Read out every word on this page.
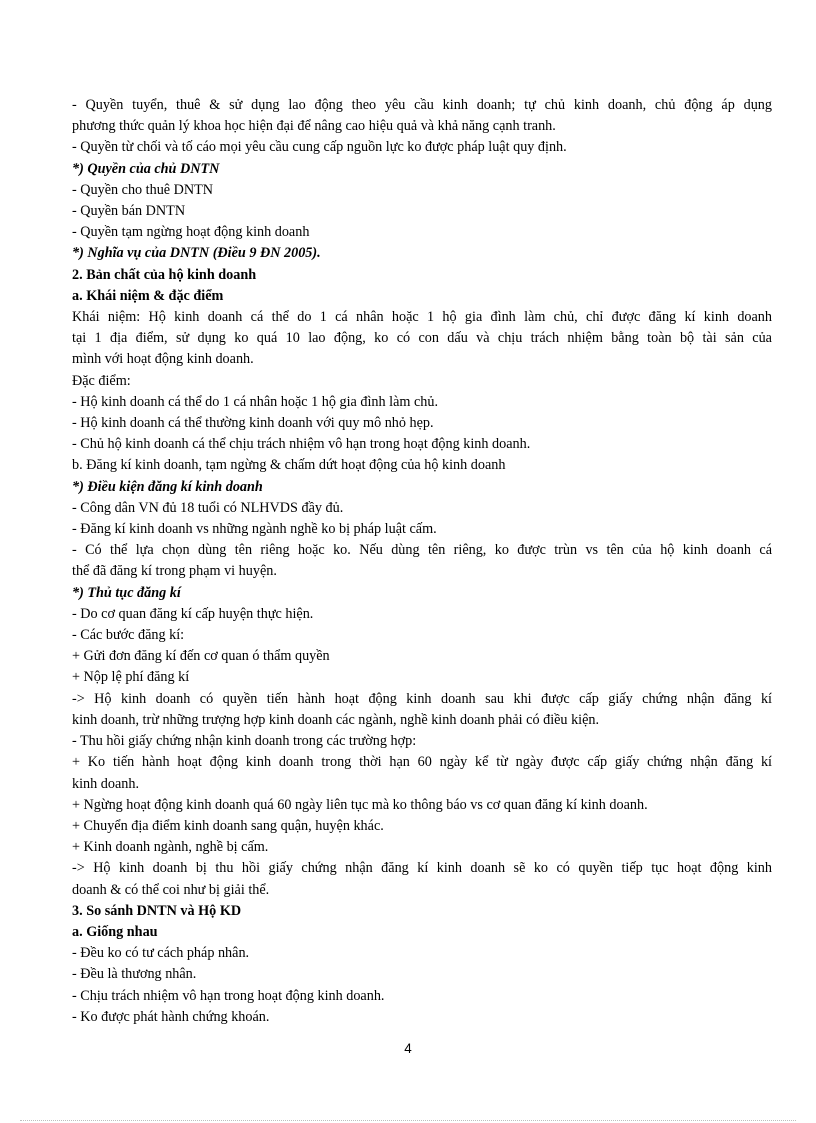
- Quyền tuyển, thuê & sử dụng lao động theo yêu cầu kinh doanh; tự chủ kinh doanh, chủ động áp dụng

phương thức quản lý khoa học hiện đại để nâng cao hiệu quả và khả năng cạnh tranh.

- Quyền từ chối và tố cáo mọi yêu cầu cung cấp nguồn lực ko được pháp luật quy định.

*) Quyền của chủ DNTN

- Quyền cho thuê DNTN

- Quyền bán DNTN

- Quyền tạm ngừng hoạt động kinh doanh

*) Nghĩa vụ của DNTN (Điều 9 ĐN 2005).

2. Bản chất của hộ kinh doanh

a. Khái niệm & đặc điểm

Khái niệm: Hộ kinh doanh cá thể do 1 cá nhân hoặc 1 hộ gia đình làm chủ, chỉ được đăng kí kinh doanh

tại 1 địa điểm, sử dụng ko quá 10 lao động, ko có con dấu và chịu trách nhiệm bằng toàn bộ tài sản của

mình với hoạt động kinh doanh.

Đặc điểm:

- Hộ kinh doanh cá thể do 1 cá nhân hoặc 1 hộ gia đình làm chủ.

- Hộ kinh doanh cá thể thường kinh doanh với quy mô nhỏ hẹp.

- Chủ hộ kinh doanh cá thể chịu trách nhiệm vô hạn trong hoạt động kinh doanh.

b. Đăng kí kinh doanh, tạm ngừng & chấm dứt hoạt động của hộ kinh doanh

*) Điều kiện đăng kí kinh doanh

- Công dân VN đủ 18 tuổi có NLHVDS đầy đủ.

- Đăng kí kinh doanh vs những ngành nghề ko bị pháp luật cấm.

- Có thể lựa chọn dùng tên riêng hoặc ko. Nếu dùng tên riêng, ko được trùn vs tên của hộ kinh doanh cá

thể đã đăng kí trong phạm vi huyện.

*) Thủ tục đăng kí

- Do cơ quan đăng kí cấp huyện thực hiện.

- Các bước đăng kí:

+ Gửi đơn đăng kí đến cơ quan ó thẩm quyền

+ Nộp lệ phí đăng kí

-> Hộ kinh doanh có quyền tiến hành hoạt động kinh doanh sau khi được cấp giấy chứng nhận đăng kí

kinh doanh, trừ những trượng hợp kinh doanh các ngành, nghề kinh doanh phải có điều kiện.

- Thu hồi giấy chứng nhận kinh doanh trong các trường hợp:

+ Ko tiến hành hoạt động kinh doanh trong thời hạn 60 ngày kể từ ngày được cấp giấy chứng nhận đăng kí

kinh doanh.

+ Ngừng hoạt động kinh doanh quá 60 ngày liên tục mà ko thông báo vs cơ quan đăng kí kinh doanh.

+ Chuyển địa điểm kinh doanh sang quận, huyện khác.

+ Kinh doanh ngành, nghề bị cấm.

-> Hộ kinh doanh bị thu hồi giấy chứng nhận đăng kí kinh doanh sẽ ko có quyền tiếp tục hoạt động kinh

doanh & có thể coi như bị giải thể.

3. So sánh DNTN và Hộ KD

a. Giống nhau

- Đều ko có tư cách pháp nhân.

- Đều là thương nhân.

- Chịu trách nhiệm vô hạn trong hoạt động kinh doanh.

- Ko được phát hành chứng khoán.

4
